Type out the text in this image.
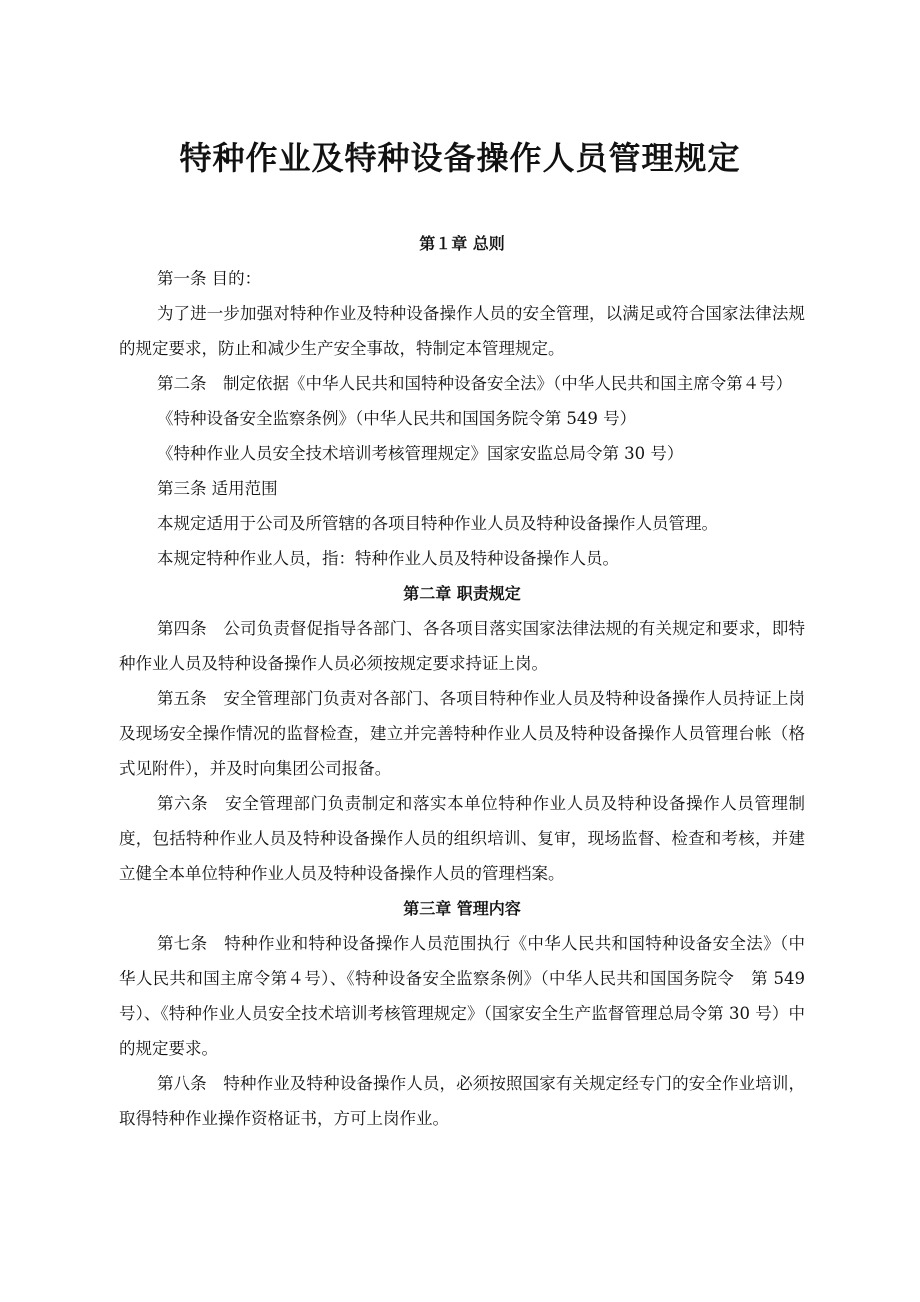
特种作业及特种设备操作人员管理规定

第１章 总则

第一条 目的：

为了进一步加强对特种作业及特种设备操作人员的安全管理，以满足或符合国家法律法规的规定要求，防止和减少生产安全事故，特制定本管理规定。

第二条　制定依据《中华人民共和国特种设备安全法》（中华人民共和国主席令第４号）

《特种设备安全监察条例》（中华人民共和国国务院令第 549 号）

《特种作业人员安全技术培训考核管理规定》国家安监总局令第 30 号）

第三条 适用范围

本规定适用于公司及所管辖的各项目特种作业人员及特种设备操作人员管理。

本规定特种作业人员，指：特种作业人员及特种设备操作人员。

第二章 职责规定

第四条　公司负责督促指导各部门、各各项目落实国家法律法规的有关规定和要求，即特种作业人员及特种设备操作人员必须按规定要求持证上岗。

第五条　安全管理部门负责对各部门、各项目特种作业人员及特种设备操作人员持证上岗及现场安全操作情况的监督检查，建立并完善特种作业人员及特种设备操作人员管理台帐（格式见附件），并及时向集团公司报备。

第六条　安全管理部门负责制定和落实本单位特种作业人员及特种设备操作人员管理制度，包括特种作业人员及特种设备操作人员的组织培训、复审，现场监督、检查和考核，并建立健全本单位特种作业人员及特种设备操作人员的管理档案。

第三章 管理内容

第七条　特种作业和特种设备操作人员范围执行《中华人民共和国特种设备安全法》（中华人民共和国主席令第４号）、《特种设备安全监察条例》（中华人民共和国国务院令　第 549 号）、《特种作业人员安全技术培训考核管理规定》（国家安全生产监督管理总局令第 30 号）中的规定要求。

第八条　特种作业及特种设备操作人员，必须按照国家有关规定经专门的安全作业培训，取得特种作业操作资格证书，方可上岗作业。
